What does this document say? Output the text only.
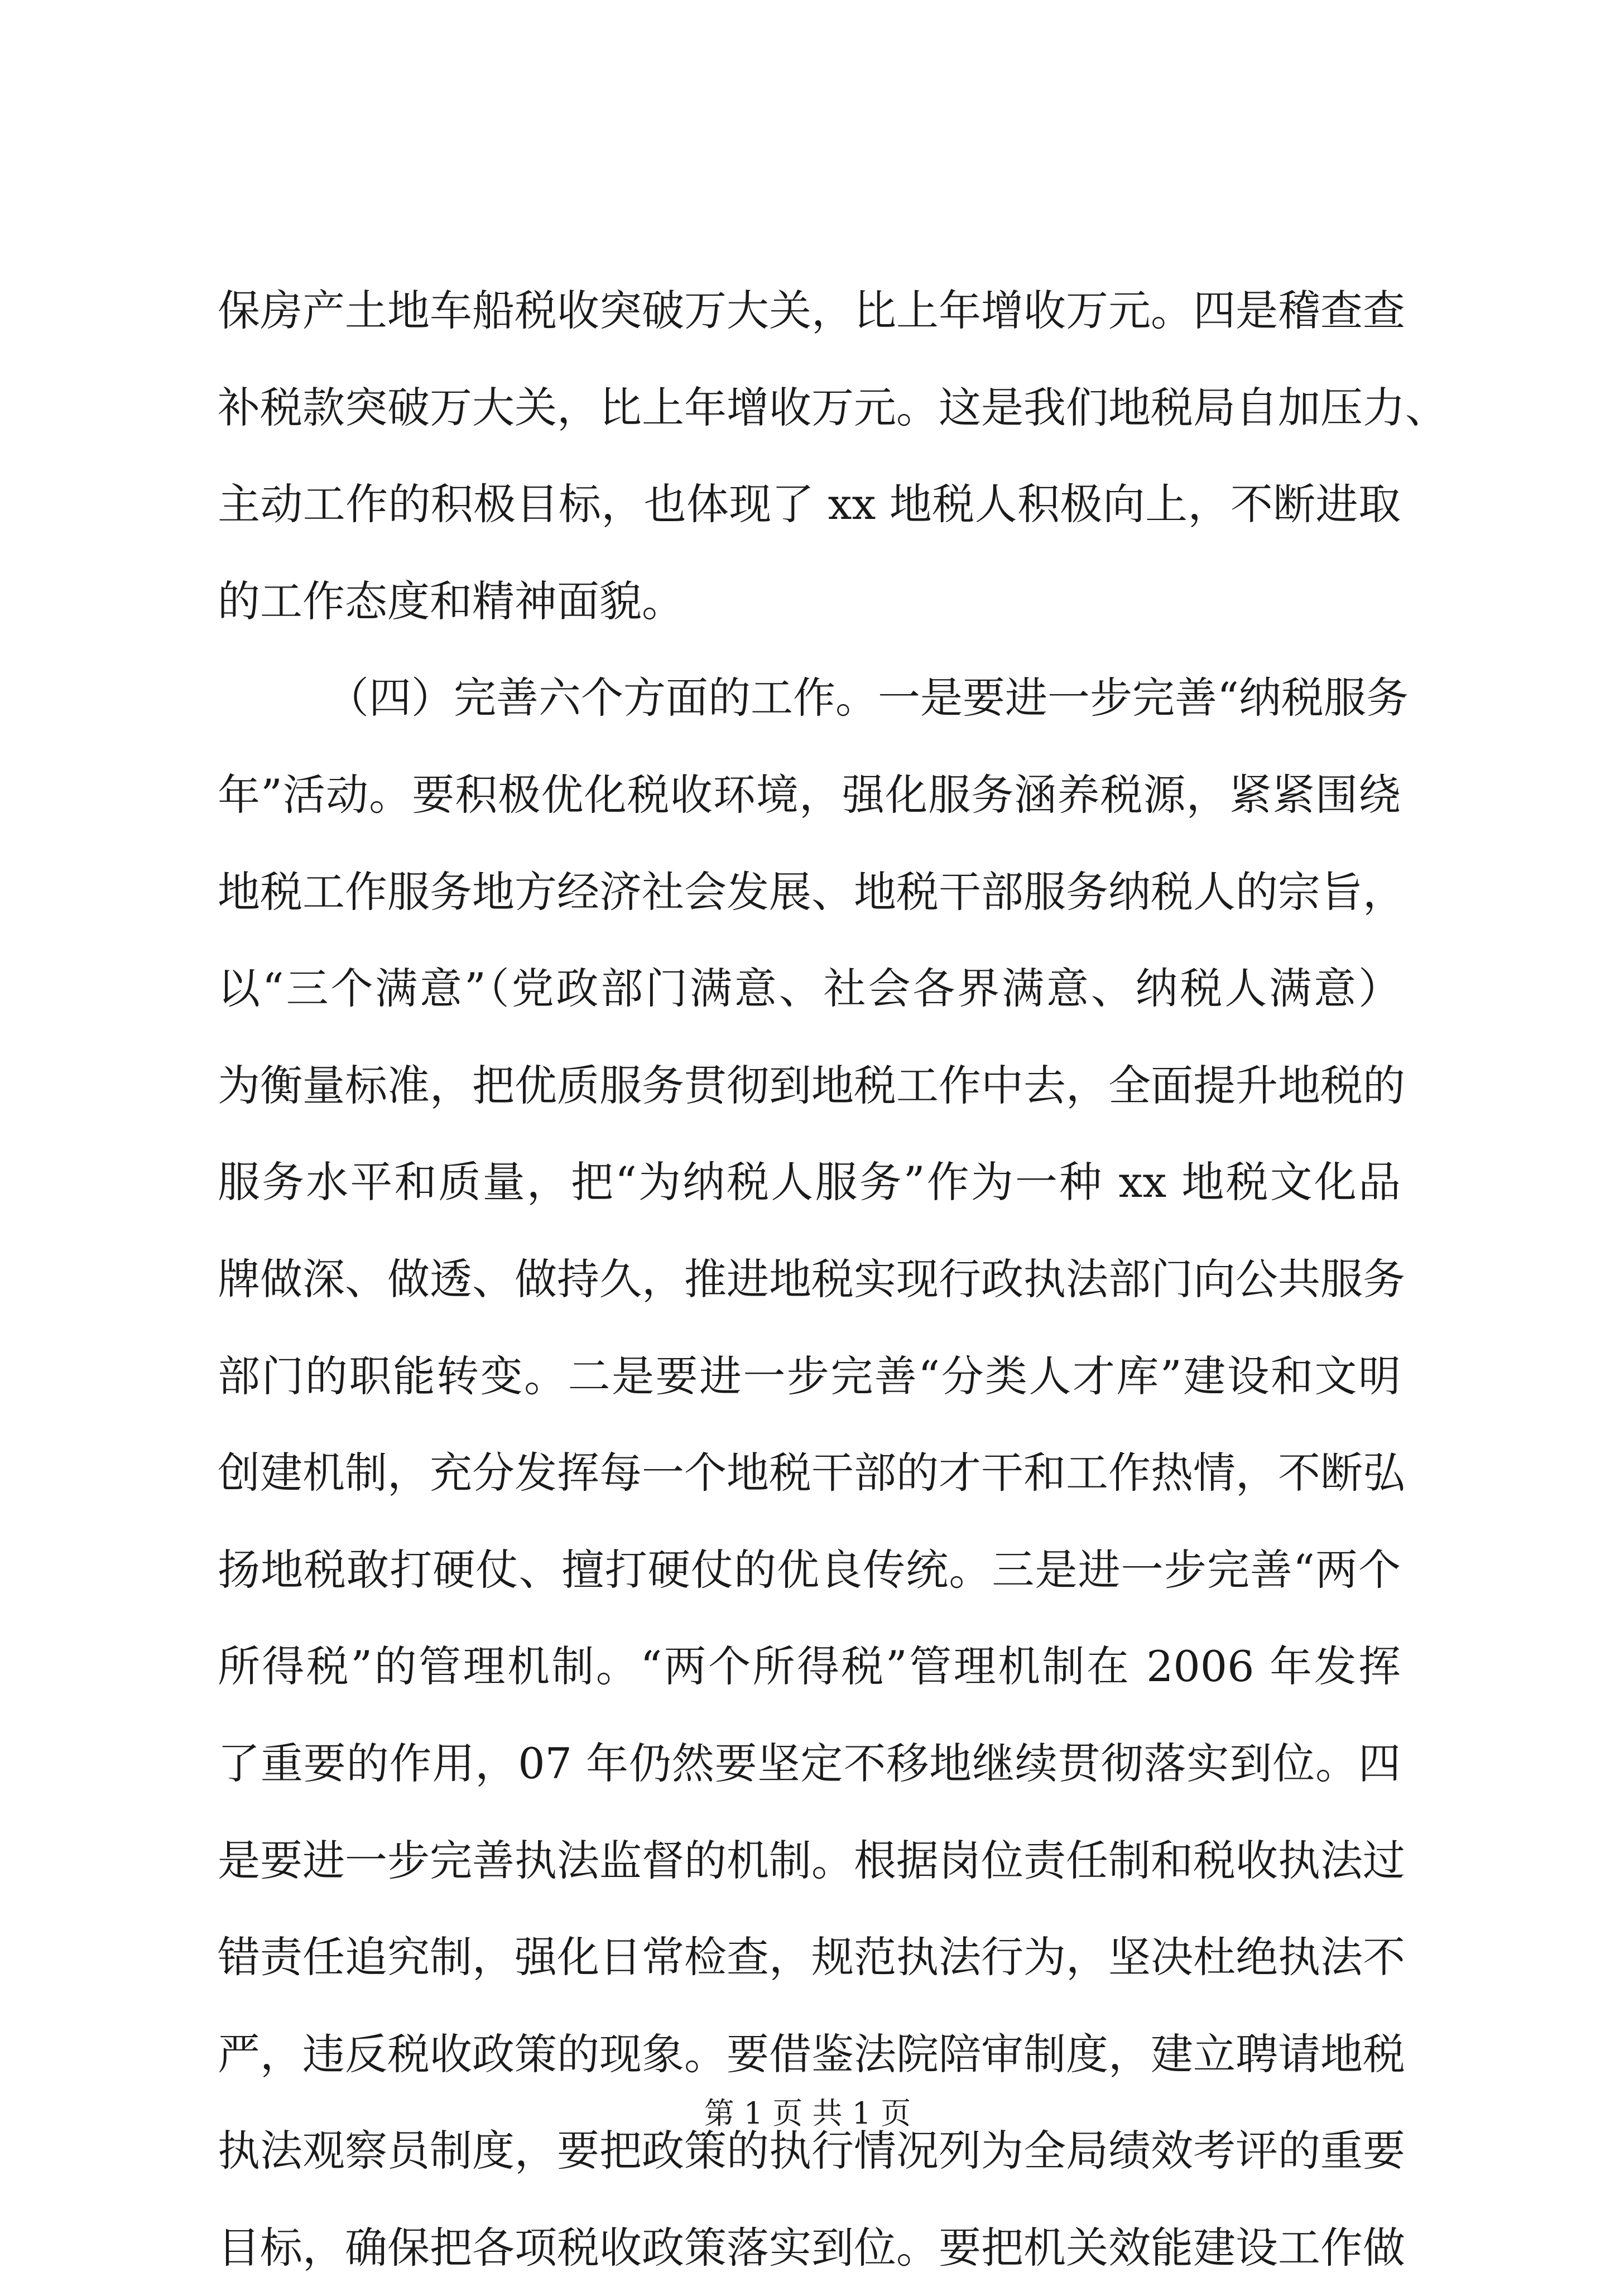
保房产土地车船税收突破万大关，比上年增收万元。四是稽查查
补税款突破万大关，比上年增收万元。这是我们地税局自加压力、
主动工作的积极目标，也体现了 xx 地税人积极向上，不断进取
的工作态度和精神面貌。
（四）完善六个方面的工作。一是要进一步完善“纳税服务
年”活动。要积极优化税收环境，强化服务涵养税源，紧紧围绕
地税工作服务地方经济社会发展、地税干部服务纳税人的宗旨，
以“三个满意”（党政部门满意、社会各界满意、纳税人满意）
为衡量标准，把优质服务贯彻到地税工作中去，全面提升地税的
服务水平和质量，把“为纳税人服务”作为一种 xx 地税文化品
牌做深、做透、做持久，推进地税实现行政执法部门向公共服务
部门的职能转变。二是要进一步完善“分类人才库”建设和文明
创建机制，充分发挥每一个地税干部的才干和工作热情，不断弘
扬地税敢打硬仗、擅打硬仗的优良传统。三是进一步完善“两个
所得税”的管理机制。“两个所得税”管理机制在 2006 年发挥
了重要的作用，07 年仍然要坚定不移地继续贯彻落实到位。四
是要进一步完善执法监督的机制。根据岗位责任制和税收执法过
错责任追究制，强化日常检查，规范执法行为，坚决杜绝执法不
严，违反税收政策的现象。要借鉴法院陪审制度，建立聘请地税
执法观察员制度，要把政策的执行情况列为全局绩效考评的重要
目标，确保把各项税收政策落实到位。要把机关效能建设工作做
第 1 页 共 1 页
